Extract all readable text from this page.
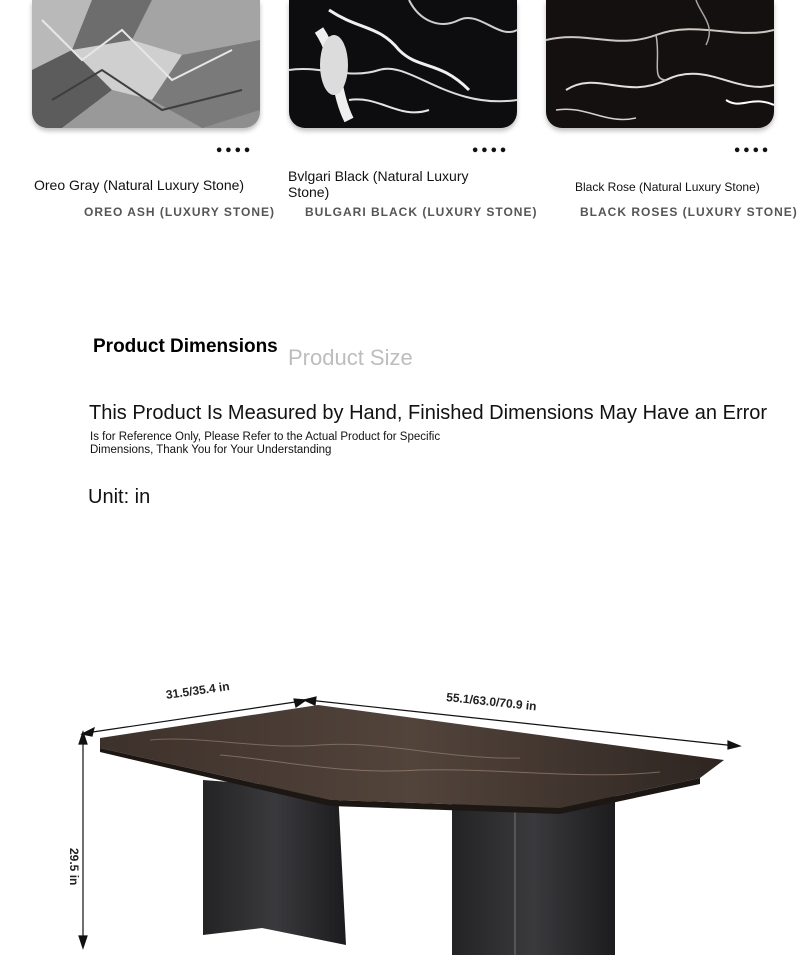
••••	••••	••••
Oreo Gray (Natural Luxury Stone)
OREO ASH (LUXURY STONE)
Bvlgari Black (Natural Luxury Stone)
BULGARI BLACK (LUXURY STONE)
Black Rose (Natural Luxury Stone)
BLACK ROSES (LUXURY STONE)
Product Size
Product Dimensions
This Product Is Measured by Hand, Finished Dimensions May Have an Error
Is for Reference Only, Please Refer to the Actual Product for Specific Dimensions, Thank You for Your Understanding
Unit: in
31.5/35.4 in	55.1/63.0/70.9 in
29.5 in
